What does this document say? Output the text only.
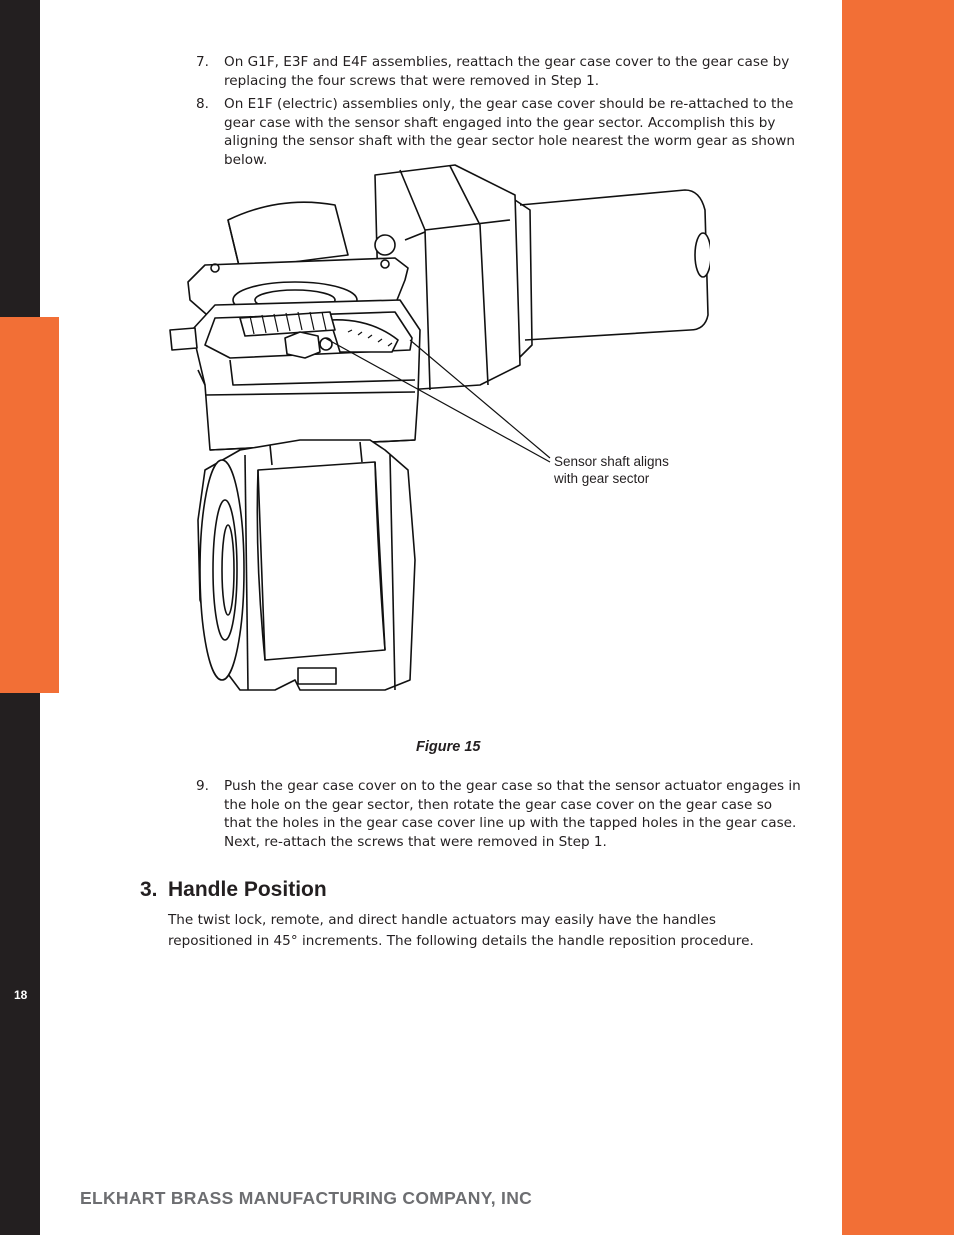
18
7. On G1F, E3F and E4F assemblies, reattach the gear case cover to the gear case by replacing the four screws that were removed in Step 1.
8. On E1F (electric) assemblies only, the gear case cover should be re-attached to the gear case with the sensor shaft engaged into the gear sector. Accomplish this by aligning the sensor shaft with the gear sector hole nearest the worm gear as shown below.
Sensor shaft aligns
with gear sector
Figure 15
9. Push the gear case cover on to the gear case so that the sensor actuator engages in the hole on the gear sector, then rotate the gear case cover on the gear case so that the holes in the gear case cover line up with the tapped holes in the gear case. Next, re-attach the screws that were removed in Step 1.
3. Handle Position
The twist lock, remote, and direct handle actuators may easily have the handles repositioned in 45° increments. The following details the handle reposition procedure.
ELKHART BRASS MANUFACTURING COMPANY, INC
